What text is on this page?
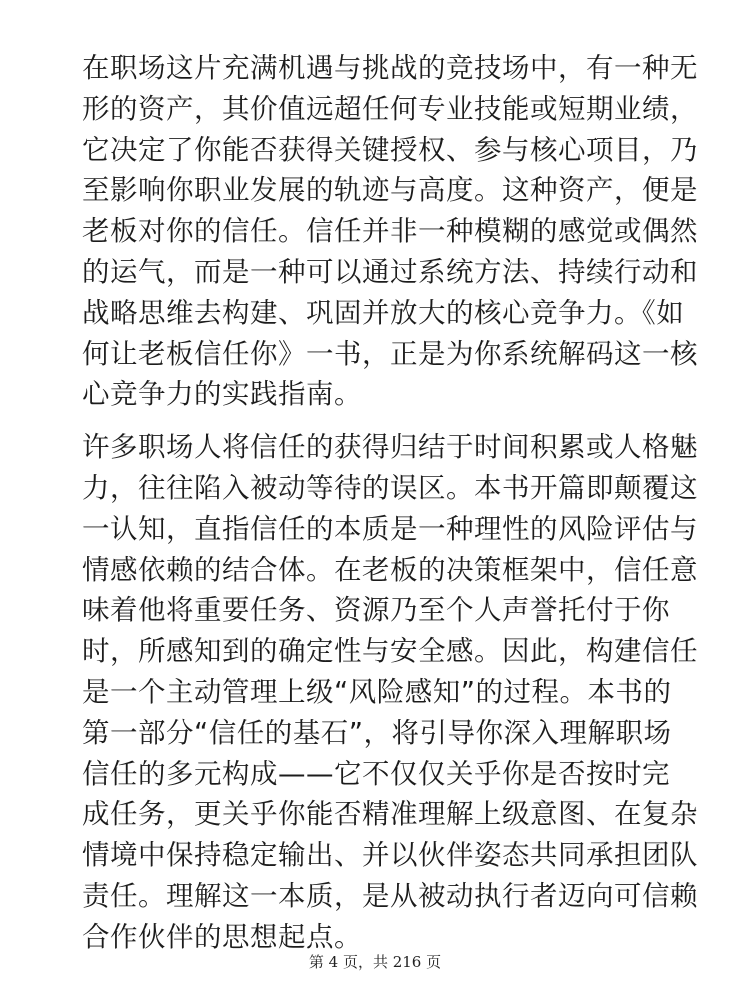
在职场这片充满机遇与挑战的竞技场中，有一种无
形的资产，其价值远超任何专业技能或短期业绩，
它决定了你能否获得关键授权、参与核心项目，乃
至影响你职业发展的轨迹与高度。这种资产，便是
老板对你的信任。信任并非一种模糊的感觉或偶然
的运气，而是一种可以通过系统方法、持续行动和
战略思维去构建、巩固并放大的核心竞争力。《如
何让老板信任你》一书，正是为你系统解码这一核
心竞争力的实践指南。

许多职场人将信任的获得归结于时间积累或人格魅
力，往往陷入被动等待的误区。本书开篇即颠覆这
一认知，直指信任的本质是一种理性的风险评估与
情感依赖的结合体。在老板的决策框架中，信任意
味着他将重要任务、资源乃至个人声誉托付于你
时，所感知到的确定性与安全感。因此，构建信任
是一个主动管理上级“风险感知”的过程。本书的
第一部分“信任的基石”，将引导你深入理解职场
信任的多元构成——它不仅仅关乎你是否按时完
成任务，更关乎你能否精准理解上级意图、在复杂
情境中保持稳定输出、并以伙伴姿态共同承担团队
责任。理解这一本质，是从被动执行者迈向可信赖
合作伙伴的思想起点。

第 4 页，共 216 页
